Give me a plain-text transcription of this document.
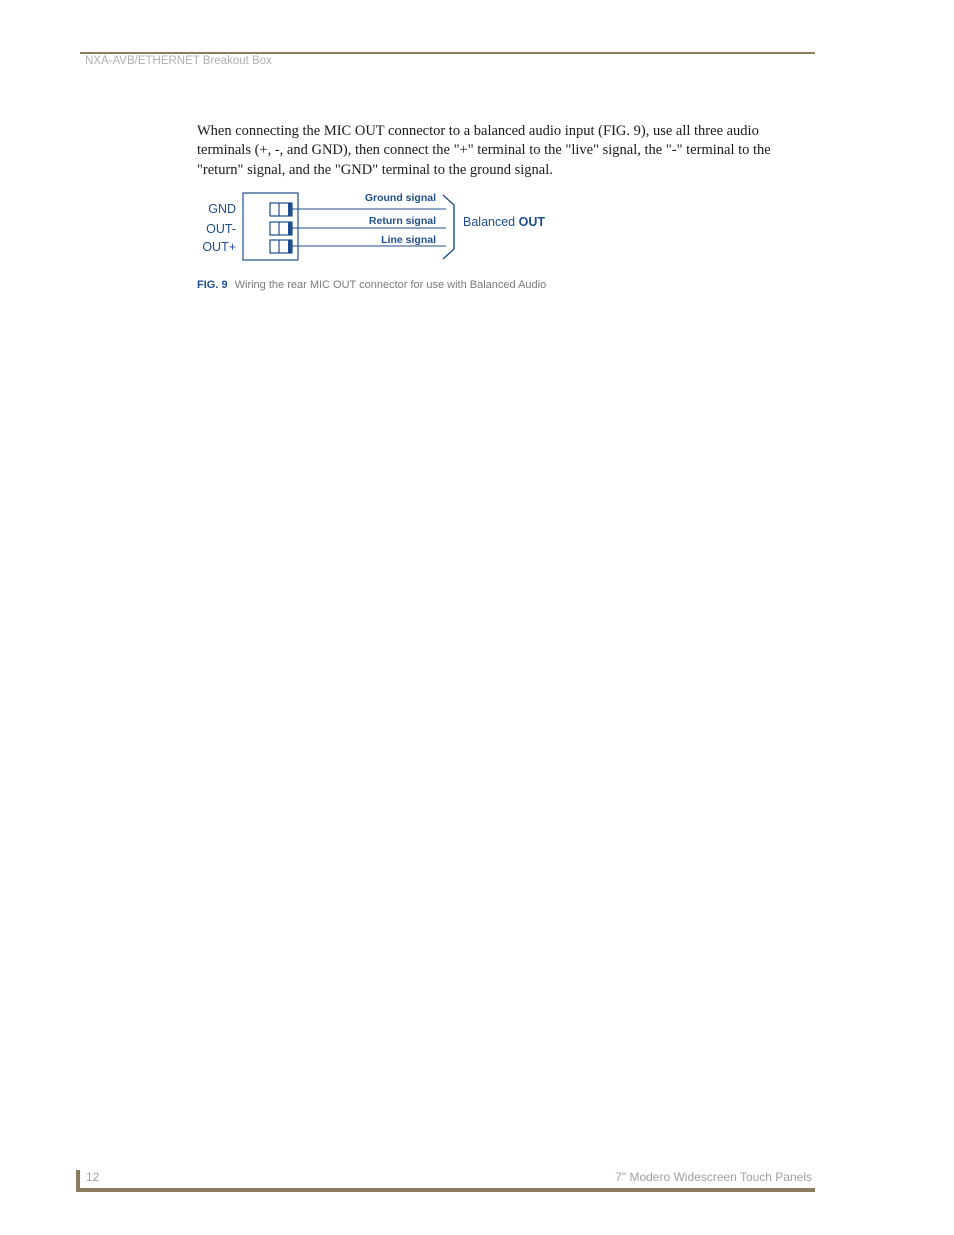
NXA-AVB/ETHERNET Breakout Box

When connecting the MIC OUT connector to a balanced audio input (FIG. 9), use all three audio terminals (+, -, and GND), then connect the "+" terminal to the "live" signal, the "-" terminal to the "return" signal, and the "GND" terminal to the ground signal.

GND
OUT-
OUT+
Ground signal
Return signal
Line signal
Balanced OUT
FIG. 9 Wiring the rear MIC OUT connector for use with Balanced Audio
12	7" Modero Widescreen Touch Panels
